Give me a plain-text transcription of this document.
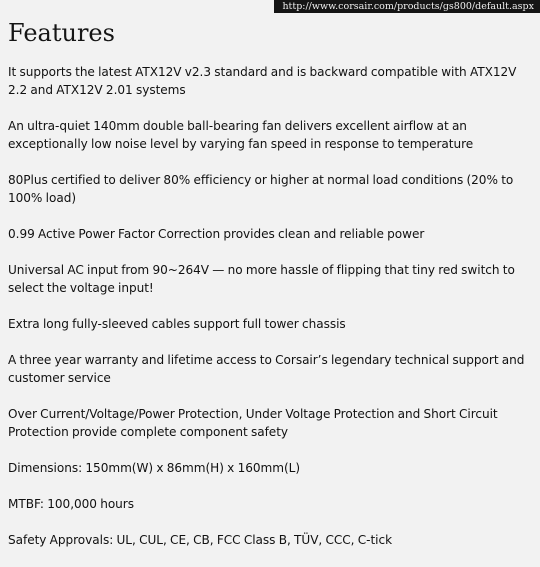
http://www.corsair.com/products/gs800/default.aspx
Features
It supports the latest ATX12V v2.3 standard and is backward compatible with ATX12V 2.2 and ATX12V 2.01 systems
An ultra-quiet 140mm double ball-bearing fan delivers excellent airflow at an exceptionally low noise level by varying fan speed in response to temperature
80Plus certified to deliver 80% efficiency or higher at normal load conditions (20% to 100% load)
0.99 Active Power Factor Correction provides clean and reliable power
Universal AC input from 90~264V — no more hassle of flipping that tiny red switch to select the voltage input!
Extra long fully-sleeved cables support full tower chassis
A three year warranty and lifetime access to Corsair’s legendary technical support and customer service
Over Current/Voltage/Power Protection, Under Voltage Protection and Short Circuit Protection provide complete component safety
Dimensions: 150mm(W) x 86mm(H) x 160mm(L)
MTBF: 100,000 hours
Safety Approvals: UL, CUL, CE, CB, FCC Class B, TÜV, CCC, C-tick
